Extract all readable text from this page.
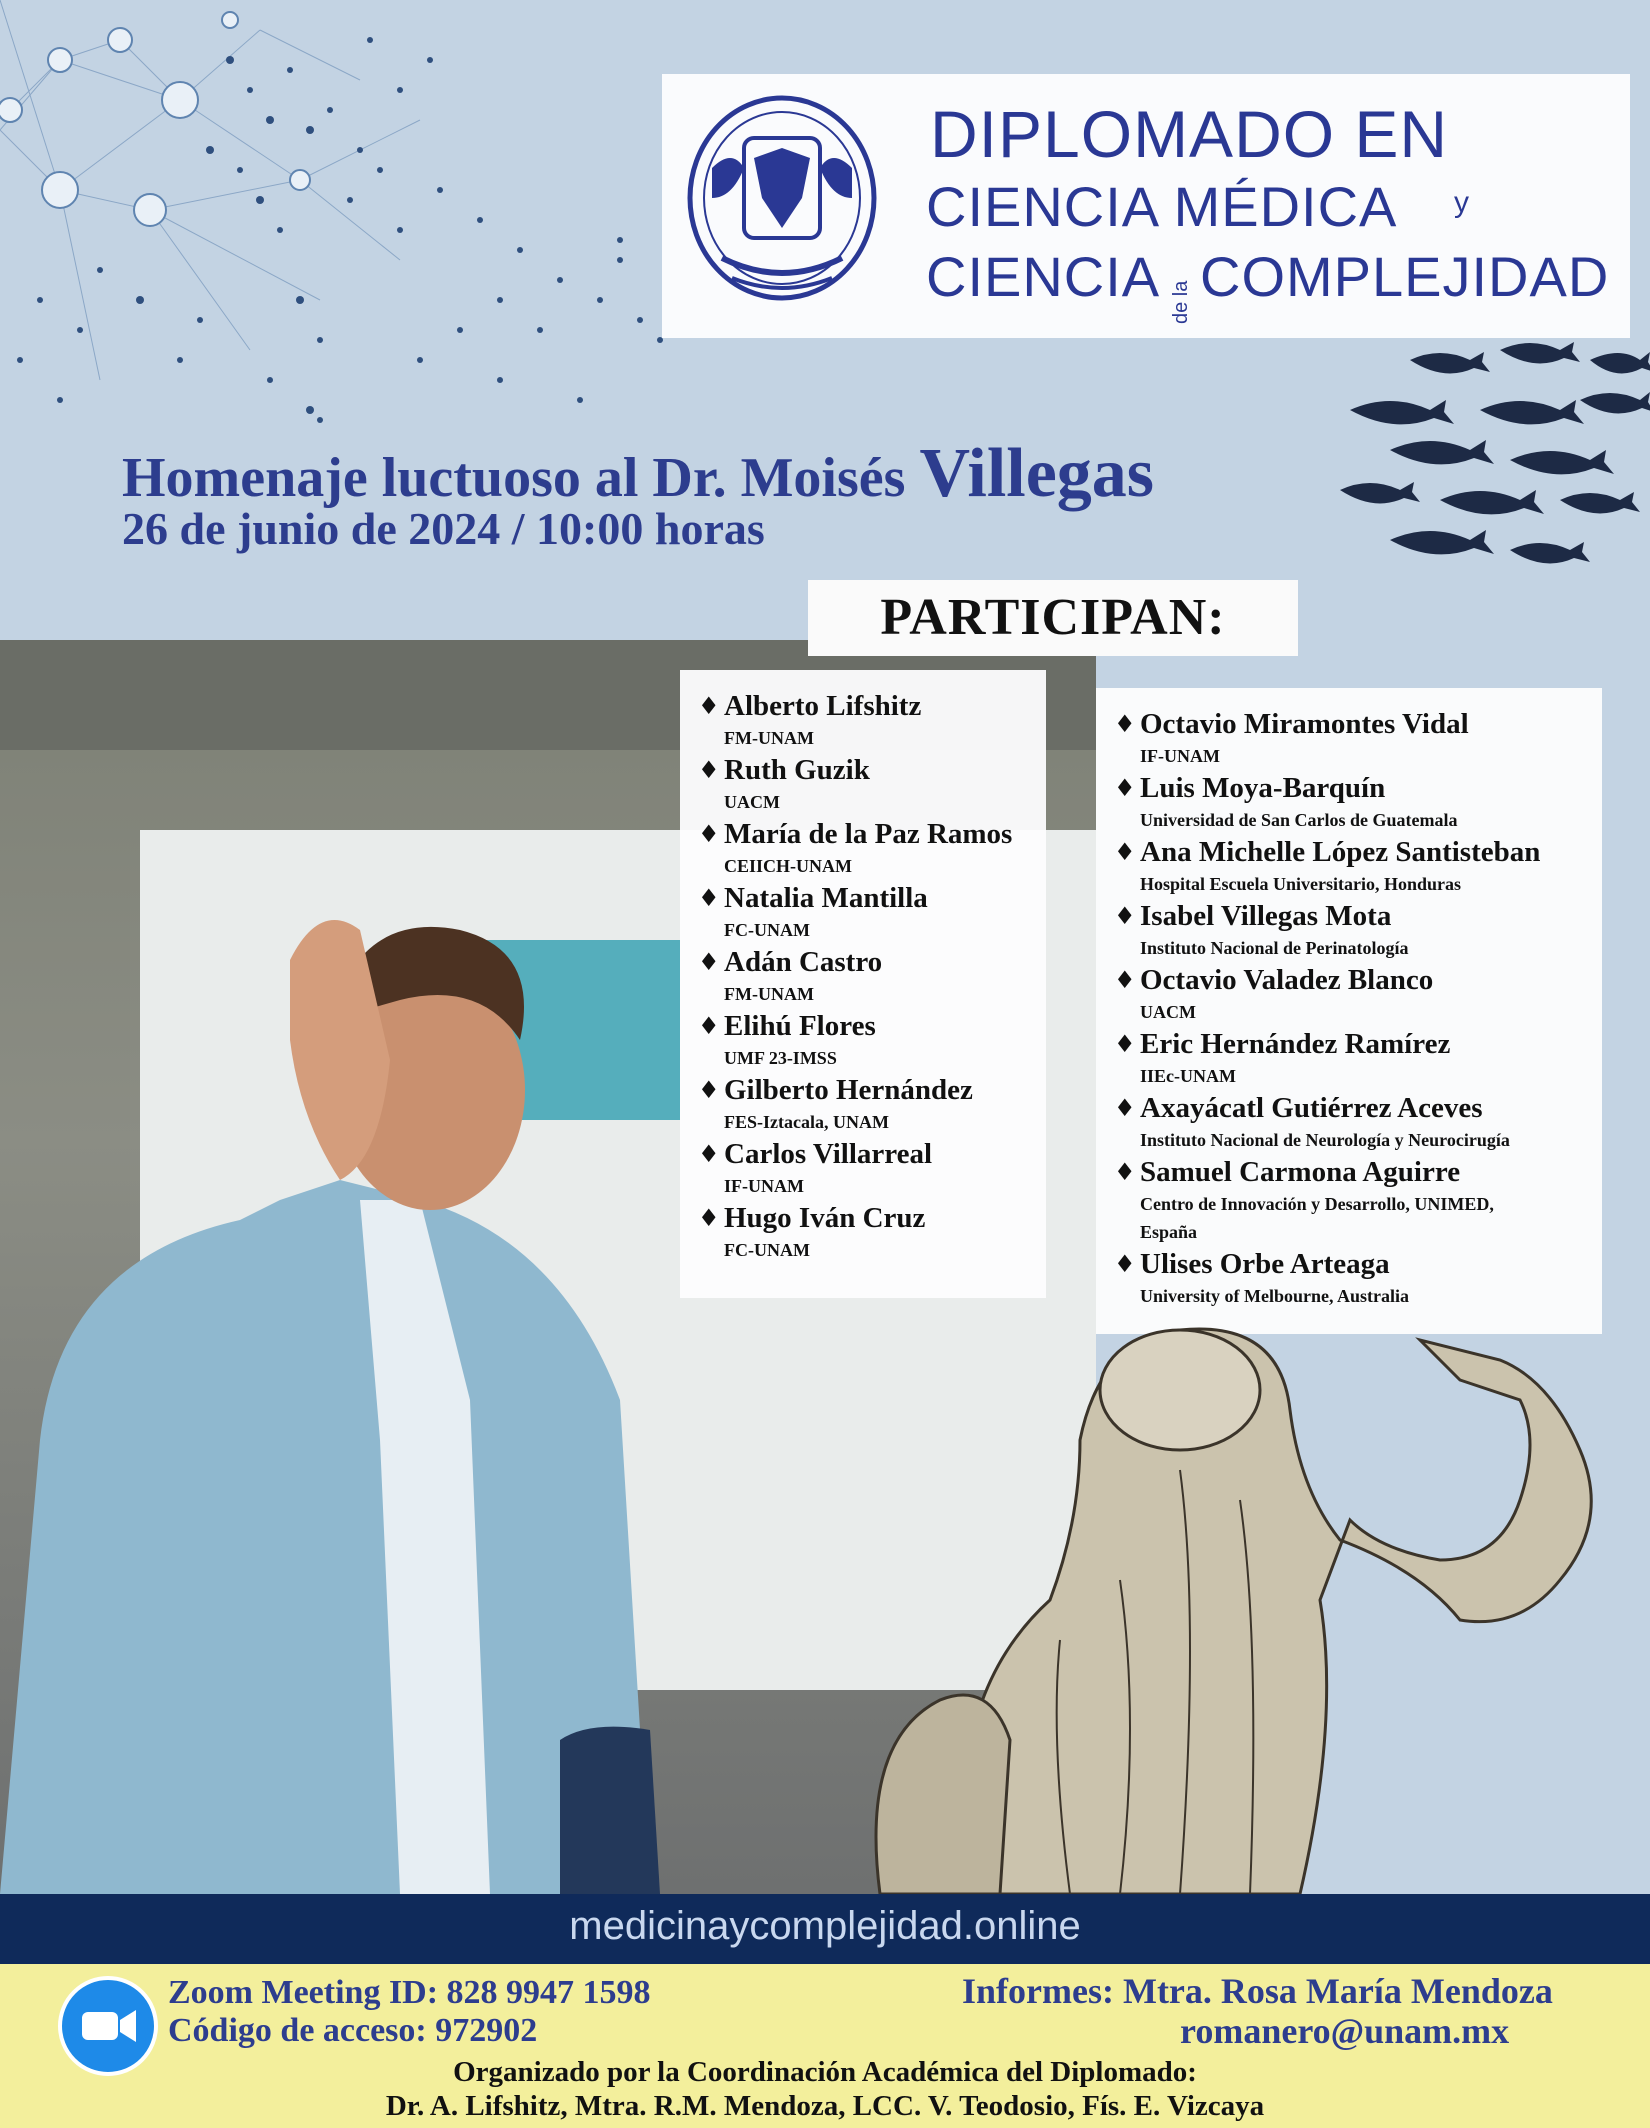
DIPLOMADO EN
CIENCIA MÉDICA y
CIENCIA de la COMPLEJIDAD
Homenaje luctuoso al Dr. Moisés Villegas
26 de junio de 2024 / 10:00 horas
PARTICIPAN:
♦ Alberto Lifshitz
FM-UNAM
♦ Ruth Guzik
UACM
♦ María de la Paz Ramos
CEIICH-UNAM
♦ Natalia Mantilla
FC-UNAM
♦ Adán Castro
FM-UNAM
♦ Elihú Flores
UMF 23-IMSS
♦ Gilberto Hernández
FES-Iztacala, UNAM
♦ Carlos Villarreal
IF-UNAM
♦ Hugo Iván Cruz
FC-UNAM
♦ Octavio Miramontes Vidal
IF-UNAM
♦ Luis Moya-Barquín
Universidad de San Carlos de Guatemala
♦ Ana Michelle López Santisteban
Hospital Escuela Universitario, Honduras
♦ Isabel Villegas Mota
Instituto Nacional de Perinatología
♦ Octavio Valadez Blanco
UACM
♦ Eric Hernández Ramírez
IIEc-UNAM
♦ Axayácatl Gutiérrez Aceves
Instituto Nacional de Neurología y Neurocirugía
♦ Samuel Carmona Aguirre
Centro de Innovación y Desarrollo, UNIMED,
España
♦ Ulises Orbe Arteaga
University of Melbourne, Australia
medicinaycomplejidad.online
Zoom Meeting ID: 828 9947 1598
Código de acceso: 972902
Informes: Mtra. Rosa María Mendoza
romanero@unam.mx
Organizado por la Coordinación Académica del Diplomado:
Dr. A. Lifshitz, Mtra. R.M. Mendoza, LCC. V. Teodosio, Fís. E. Vizcaya
